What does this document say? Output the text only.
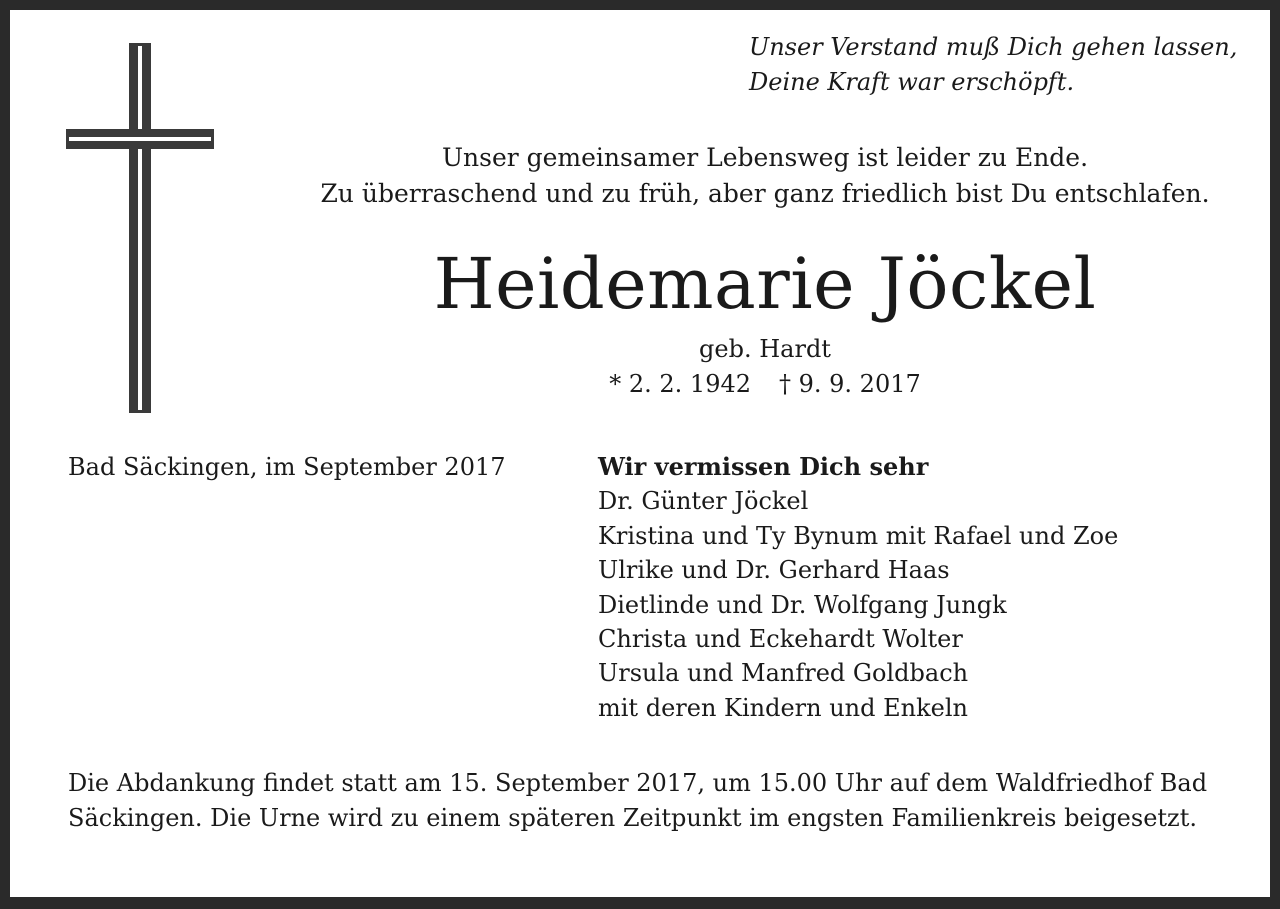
Unser Verstand muß Dich gehen lassen,
Deine Kraft war erschöpft.
Unser gemeinsamer Lebensweg ist leider zu Ende.
Zu überraschend und zu früh, aber ganz friedlich bist Du entschlafen.
Heidemarie Jöckel
geb. Hardt
* 2. 2. 1942 † 9. 9. 2017
Bad Säckingen, im September 2017	Wir vermissen Dich sehr
Dr. Günter Jöckel
Kristina und Ty Bynum mit Rafael und Zoe
Ulrike und Dr. Gerhard Haas
Dietlinde und Dr. Wolfgang Jungk
Christa und Eckehardt Wolter
Ursula und Manfred Goldbach
mit deren Kindern und Enkeln
Die Abdankung findet statt am 15. September 2017, um 15.00 Uhr auf dem Waldfriedhof Bad Säckingen. Die Urne wird zu einem späteren Zeitpunkt im engsten Familienkreis beigesetzt.
